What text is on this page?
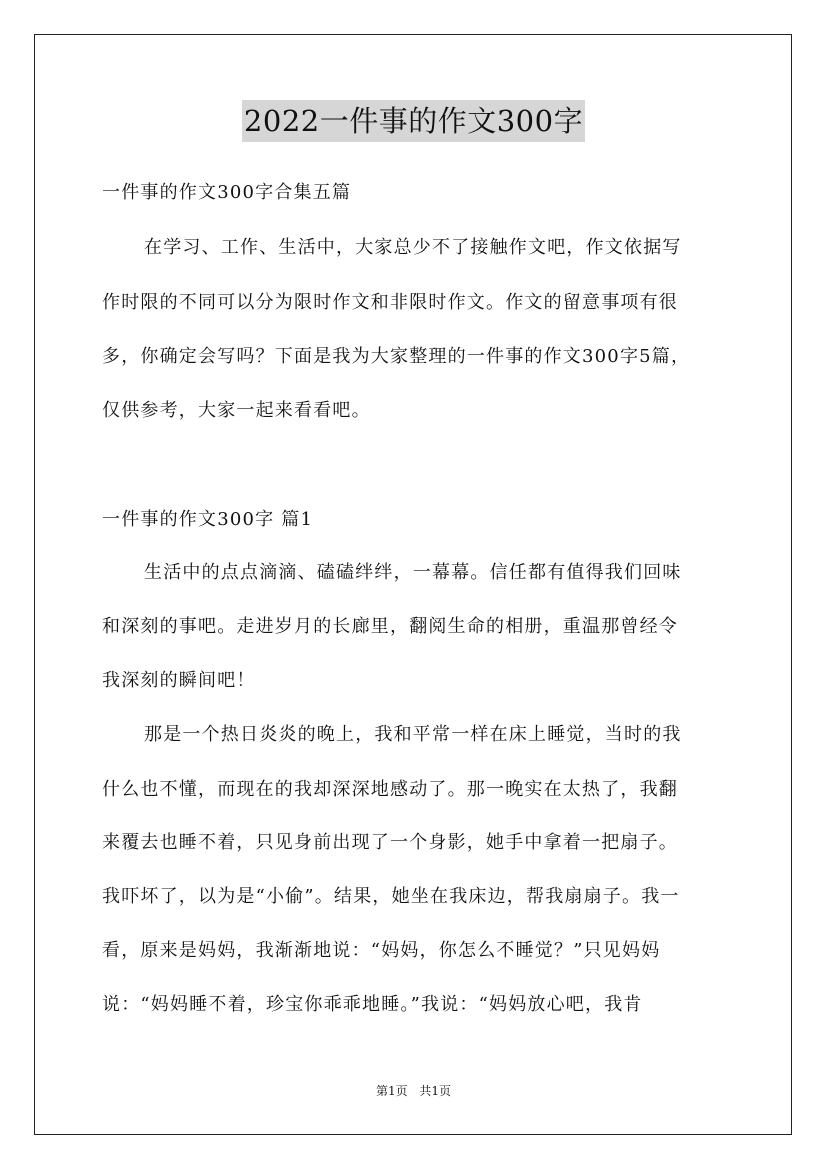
2022一件事的作文300字
一件事的作文300字合集五篇
在学习、工作、生活中，大家总少不了接触作文吧，作文依据写
作时限的不同可以分为限时作文和非限时作文。作文的留意事项有很
多，你确定会写吗？下面是我为大家整理的一件事的作文300字5篇，
仅供参考，大家一起来看看吧。
一件事的作文300字 篇1
生活中的点点滴滴、磕磕绊绊，一幕幕。信任都有值得我们回味
和深刻的事吧。走进岁月的长廊里，翻阅生命的相册，重温那曾经令
我深刻的瞬间吧！
那是一个热日炎炎的晚上，我和平常一样在床上睡觉，当时的我
什么也不懂，而现在的我却深深地感动了。那一晚实在太热了，我翻
来覆去也睡不着，只见身前出现了一个身影，她手中拿着一把扇子。
我吓坏了，以为是“小偷”。结果，她坐在我床边，帮我扇扇子。我一
看，原来是妈妈，我渐渐地说：“妈妈，你怎么不睡觉？”只见妈妈
说：“妈妈睡不着，珍宝你乖乖地睡。”我说：“妈妈放心吧，我肯
第1页 共1页
